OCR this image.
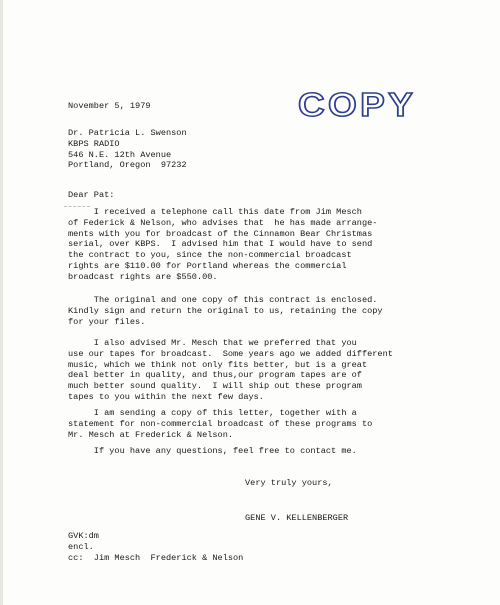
November 5, 1979	COPY
Dr. Patricia L. Swenson
KBPS RADIO
546 N.E. 12th Avenue
Portland, Oregon  97232
Dear Pat:
I received a telephone call this date from Jim Mesch
of Federick & Nelson, who advises that  he has made arrange-
ments with you for broadcast of the Cinnamon Bear Christmas
serial, over KBPS.  I advised him that I would have to send
the contract to you, since the non-commercial broadcast
rights are $110.00 for Portland whereas the commercial
broadcast rights are $550.00.
The original and one copy of this contract is enclosed.
Kindly sign and return the original to us, retaining the copy
for your files.
I also advised Mr. Mesch that we preferred that you
use our tapes for broadcast.  Some years ago we added different
music, which we think not only fits better, but is a great
deal better in quality, and thus,our program tapes are of
much better sound quality.  I will ship out these program
tapes to you within the next few days.
I am sending a copy of this letter, together with a
statement for non-commercial broadcast of these programs to
Mr. Mesch at Frederick & Nelson.
If you have any questions, feel free to contact me.
Very truly yours,
GENE V. KELLENBERGER
GVK:dm
encl.
cc:  Jim Mesch  Frederick & Nelson
